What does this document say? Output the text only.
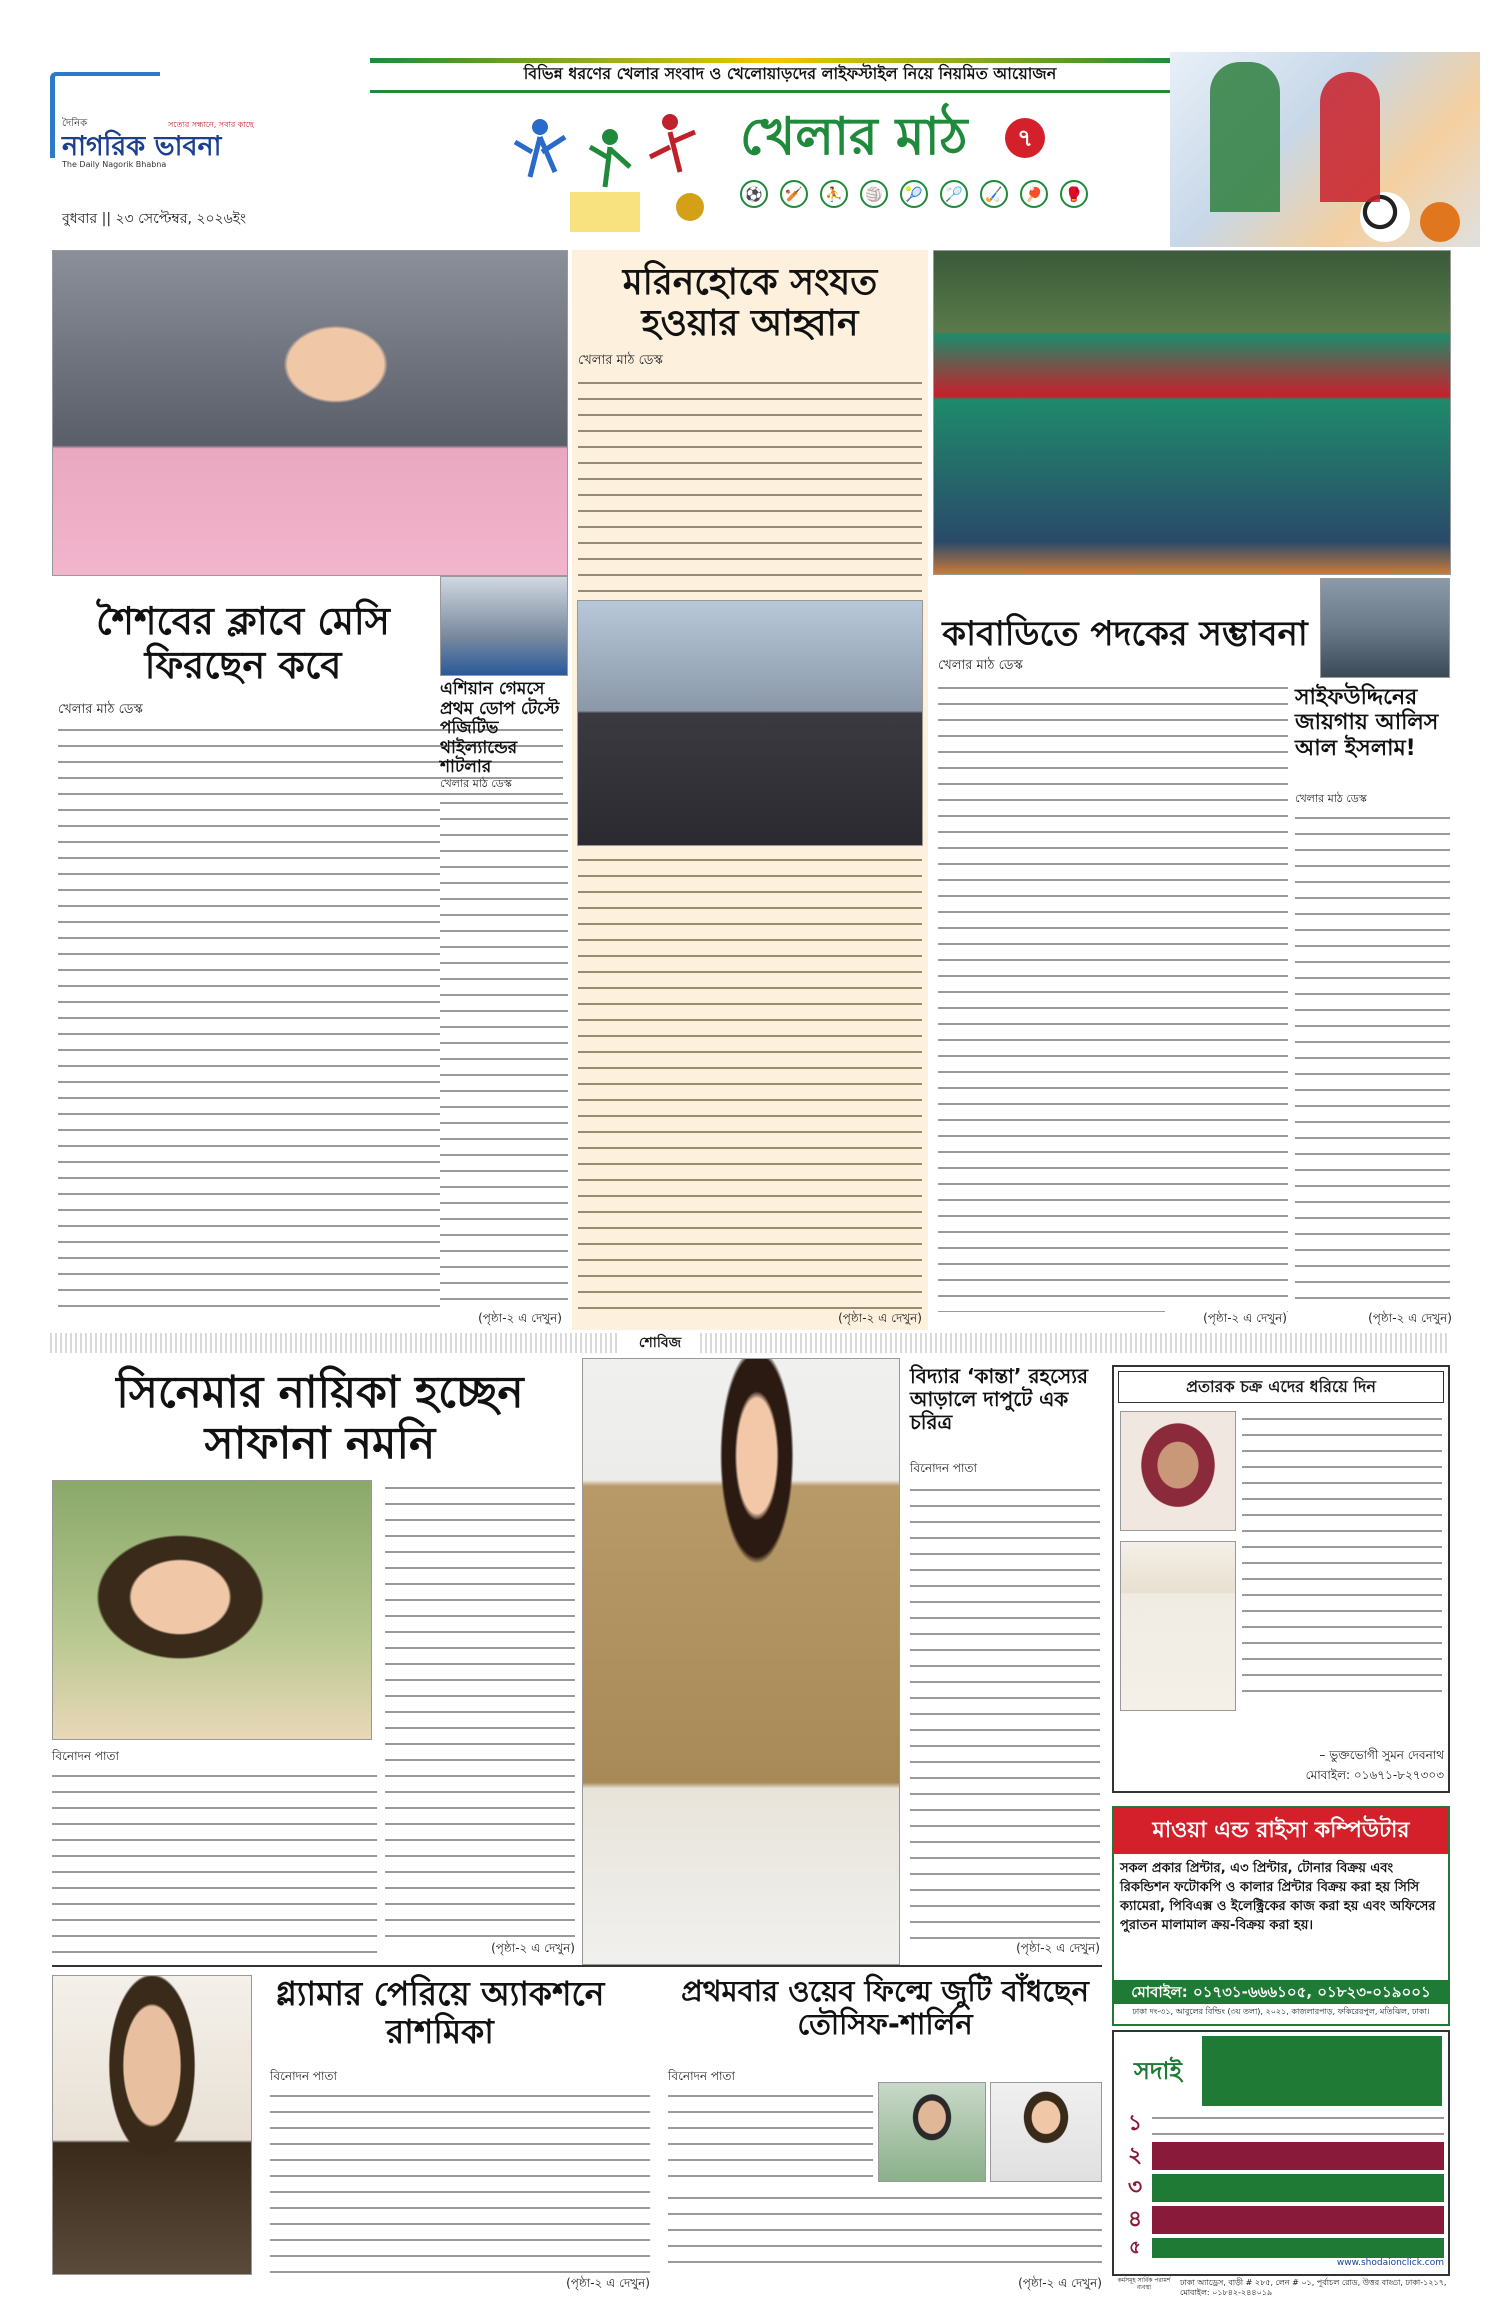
দৈনিক
নাগরিক ভাবনা
সত্যের সন্ধানে, সবার কাছে
The Daily Nagorik Bhabna
বুধবার || ২৩ সেপ্টেম্বর, ২০২৬ইং
বিভিন্ন ধরণের খেলার সংবাদ ও খেলোয়াড়দের লাইফস্টাইল নিয়ে নিয়মিত আয়োজন
খেলার মাঠ	৭
⚽	🏏	⛹	🏐	🎾	🏸	🏑	🏓	🥊
মরিনহোকে সংযত হওয়ার আহ্বান
খেলার মাঠ ডেস্ক
(পৃষ্ঠা-২ এ দেখুন)
শৈশবের ক্লাবে মেসি ফিরছেন কবে
খেলার মাঠ ডেস্ক
(পৃষ্ঠা-২ এ দেখুন)
এশিয়ান গেমসে প্রথম ডোপ টেস্টে পজিটিভ থাইল্যান্ডের শাটলার
খেলার মাঠ ডেস্ক
কাবাডিতে পদকের সম্ভাবনা
খেলার মাঠ ডেস্ক
(পৃষ্ঠা-২ এ দেখুন)
সাইফউদ্দিনের জায়গায় আলিস আল ইসলাম!
খেলার মাঠ ডেস্ক
(পৃষ্ঠা-২ এ দেখুন)
শোবিজ
সিনেমার নায়িকা হচ্ছেন সাফানা নমনি
বিনোদন পাতা
(পৃষ্ঠা-২ এ দেখুন)
বিদ্যার ‘কান্তা’ রহস্যের আড়ালে দাপুটে এক চরিত্র
বিনোদন পাতা
(পৃষ্ঠা-২ এ দেখুন)
প্রতারক চক্র এদের ধরিয়ে দিন
– ভুক্তভোগী সুমন দেবনাথ
মোবাইল: ০১৬৭১-৮২৭৩০৩
মাওয়া এন্ড রাইসা কম্পিউটার
সকল প্রকার প্রিন্টার, এ৩ প্রিন্টার, টোনার বিক্রয় এবং রিকন্ডিশন ফটোকপি ও কালার প্রিন্টার বিক্রয় করা হয় সিসি ক্যামেরা, পিবিএক্স ও ইলেক্ট্রিকের কাজ করা হয় এবং অফিসের পুরাতন মালামাল ক্রয়-বিক্রয় করা হয়।
মোবাইল: ০১৭৩১-৬৬৬১০৫, ০১৮২৩-০১৯০০১
ঢাকা দং-৩১, আবুলের বিল্ডিং (৩য় তলা), ২০২১, কাজলারপাড়, ফকিরেরপুল, মতিঝিল, ঢাকা।
সদাই
১
২
৩
৪
৫
www.shodaionclick.com
কর্মসমূহ সার্বিক পরামর্শ ব্যবস্থা
ঢাকা অ্যাড্রেস, বাড়ী # ২৮৫, লেন # ০১, পূর্বাচল রোড, উত্তর বাড্ডা, ঢাকা-১২১৭, মোবাইল: ০১৮৪২-২৪৪০১৯
গ্ল্যামার পেরিয়ে অ্যাকশনে রাশমিকা
বিনোদন পাতা
(পৃষ্ঠা-২ এ দেখুন)
প্রথমবার ওয়েব ফিল্মে জুটি বাঁধছেন তৌসিফ-শার্লিন
বিনোদন পাতা
(পৃষ্ঠা-২ এ দেখুন)
